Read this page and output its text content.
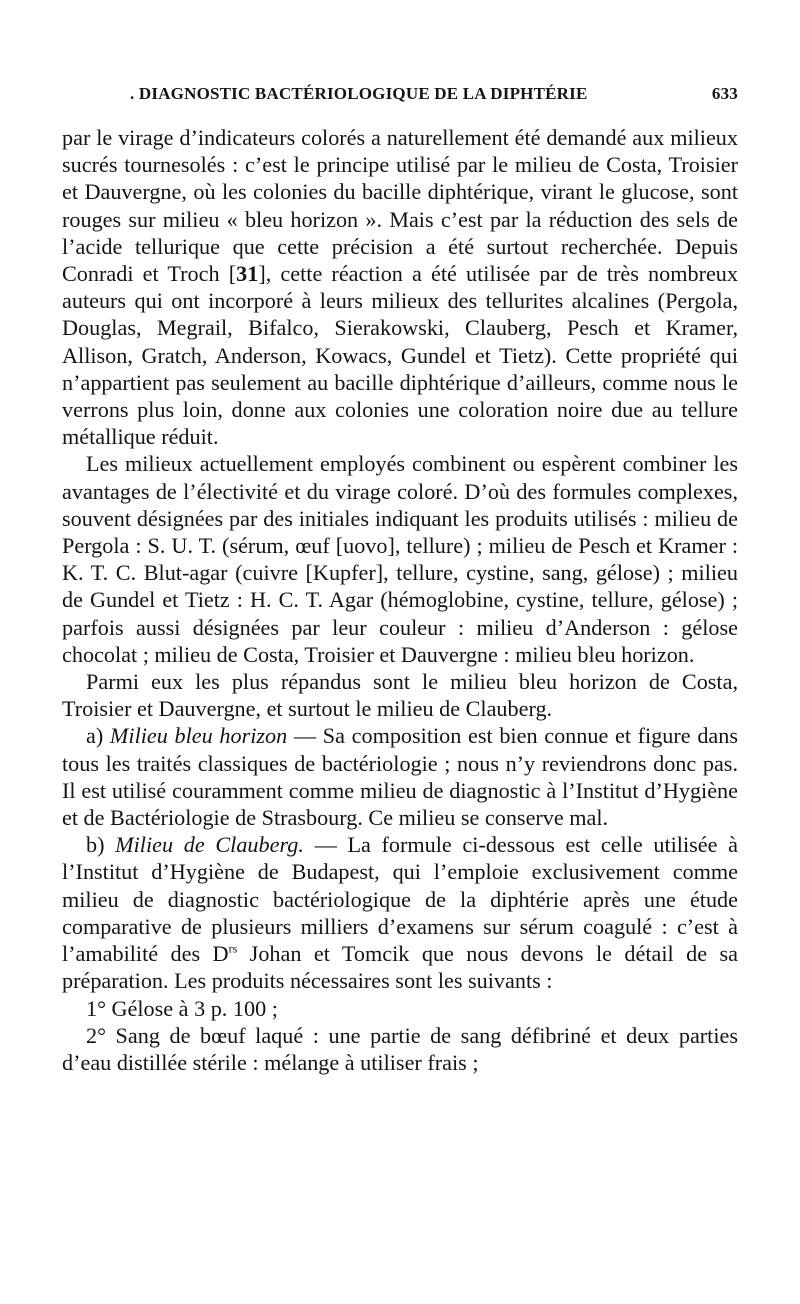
. DIAGNOSTIC BACTÉRIOLOGIQUE DE LA DIPHTÉRIE	633

par le virage d’indicateurs colorés a naturellement été demandé aux milieux sucrés tournesolés : c’est le principe utilisé par le milieu de Costa, Troisier et Dauvergne, où les colonies du bacille diphtérique, virant le glucose, sont rouges sur milieu « bleu horizon ». Mais c’est par la réduction des sels de l’acide tellurique que cette précision a été surtout recherchée. Depuis Conradi et Troch [31], cette réaction a été utilisée par de très nombreux auteurs qui ont incorporé à leurs milieux des tellurites alcalines (Pergola, Douglas, Megrail, Bifalco, Sierakowski, Clauberg, Pesch et Kramer, Allison, Gratch, Anderson, Kowacs, Gundel et Tietz). Cette propriété qui n’appartient pas seulement au bacille diphtérique d’ailleurs, comme nous le verrons plus loin, donne aux colonies une coloration noire due au tellure métallique réduit.

Les milieux actuellement employés combinent ou espèrent combiner les avantages de l’électivité et du virage coloré. D’où des formules complexes, souvent désignées par des initiales indiquant les produits utilisés : milieu de Pergola : S. U. T. (sérum, œuf [uovo], tellure) ; milieu de Pesch et Kramer : K. T. C. Blut-agar (cuivre [Kupfer], tellure, cystine, sang, gélose) ; milieu de Gundel et Tietz : H. C. T. Agar (hémoglobine, cystine, tellure, gélose) ; parfois aussi désignées par leur couleur : milieu d’Anderson : gélose chocolat ; milieu de Costa, Troisier et Dauvergne : milieu bleu horizon.

Parmi eux les plus répandus sont le milieu bleu horizon de Costa, Troisier et Dauvergne, et surtout le milieu de Clauberg.

a) Milieu bleu horizon — Sa composition est bien connue et figure dans tous les traités classiques de bactériologie ; nous n’y reviendrons donc pas. Il est utilisé couramment comme milieu de diagnostic à l’Institut d’Hygiène et de Bactériologie de Strasbourg. Ce milieu se conserve mal.

b) Milieu de Clauberg. — La formule ci-dessous est celle utilisée à l’Institut d’Hygiène de Budapest, qui l’emploie exclusivement comme milieu de diagnostic bactériologique de la diphtérie après une étude comparative de plusieurs milliers d’examens sur sérum coagulé : c’est à l’amabilité des $D^{rs}$ Johan et Tomcik que nous devons le détail de sa préparation. Les produits nécessaires sont les suivants :

1° Gélose à 3 p. 100 ;

2° Sang de bœuf laqué : une partie de sang défibriné et deux parties d’eau distillée stérile : mélange à utiliser frais ;
